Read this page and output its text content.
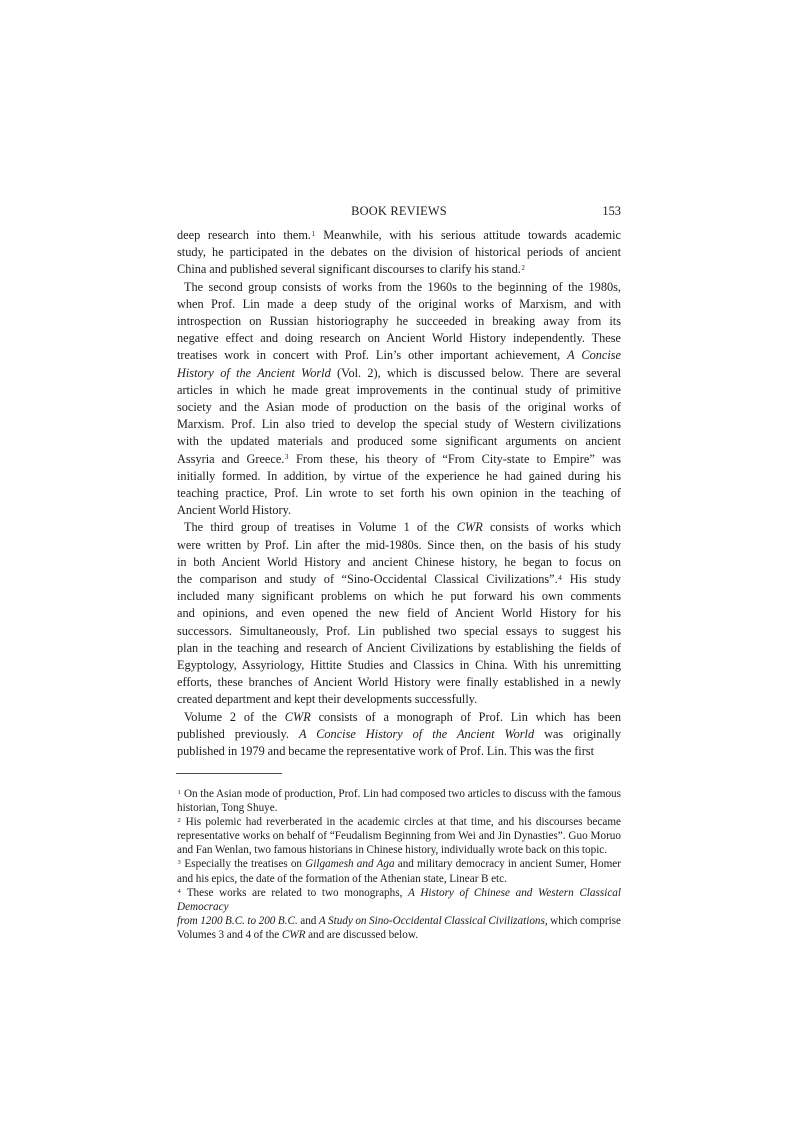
BOOK REVIEWS	153
deep research into them.$^1$ Meanwhile, with his serious attitude towards academic
study, he participated in the debates on the division of historical periods of ancient
China and published several significant discourses to clarify his stand.$^2$
The second group consists of works from the 1960s to the beginning of the 1980s,
when Prof. Lin made a deep study of the original works of Marxism, and with
introspection on Russian historiography he succeeded in breaking away from its
negative effect and doing research on Ancient World History independently. These
treatises work in concert with Prof. Lin’s other important achievement, A Concise
History of the Ancient World (Vol. 2), which is discussed below. There are several
articles in which he made great improvements in the continual study of primitive
society and the Asian mode of production on the basis of the original works of
Marxism. Prof. Lin also tried to develop the special study of Western civilizations
with the updated materials and produced some significant arguments on ancient
Assyria and Greece.$^3$ From these, his theory of “From City-state to Empire” was
initially formed. In addition, by virtue of the experience he had gained during his
teaching practice, Prof. Lin wrote to set forth his own opinion in the teaching of
Ancient World History.
The third group of treatises in Volume 1 of the CWR consists of works which
were written by Prof. Lin after the mid-1980s. Since then, on the basis of his study
in both Ancient World History and ancient Chinese history, he began to focus on
the comparison and study of “Sino-Occidental Classical Civilizations”.$^4$ His study
included many significant problems on which he put forward his own comments
and opinions, and even opened the new field of Ancient World History for his
successors. Simultaneously, Prof. Lin published two special essays to suggest his
plan in the teaching and research of Ancient Civilizations by establishing the fields of
Egyptology, Assyriology, Hittite Studies and Classics in China. With his unremitting
efforts, these branches of Ancient World History were finally established in a newly
created department and kept their developments successfully.
Volume 2 of the CWR consists of a monograph of Prof. Lin which has been
published previously. A Concise History of the Ancient World was originally
published in 1979 and became the representative work of Prof. Lin. This was the first
$^1$ On the Asian mode of production, Prof. Lin had composed two articles to discuss with the famous
historian, Tong Shuye.
$^2$ His polemic had reverberated in the academic circles at that time, and his discourses became
representative works on behalf of “Feudalism Beginning from Wei and Jin Dynasties”. Guo Moruo
and Fan Wenlan, two famous historians in Chinese history, individually wrote back on this topic.
$^3$ Especially the treatises on Gilgamesh and Aga and military democracy in ancient Sumer, Homer
and his epics, the date of the formation of the Athenian state, Linear B etc.
$^4$ These works are related to two monographs, A History of Chinese and Western Classical Democracy
from 1200 B.C. to 200 B.C. and A Study on Sino-Occidental Classical Civilizations, which comprise
Volumes 3 and 4 of the CWR and are discussed below.
